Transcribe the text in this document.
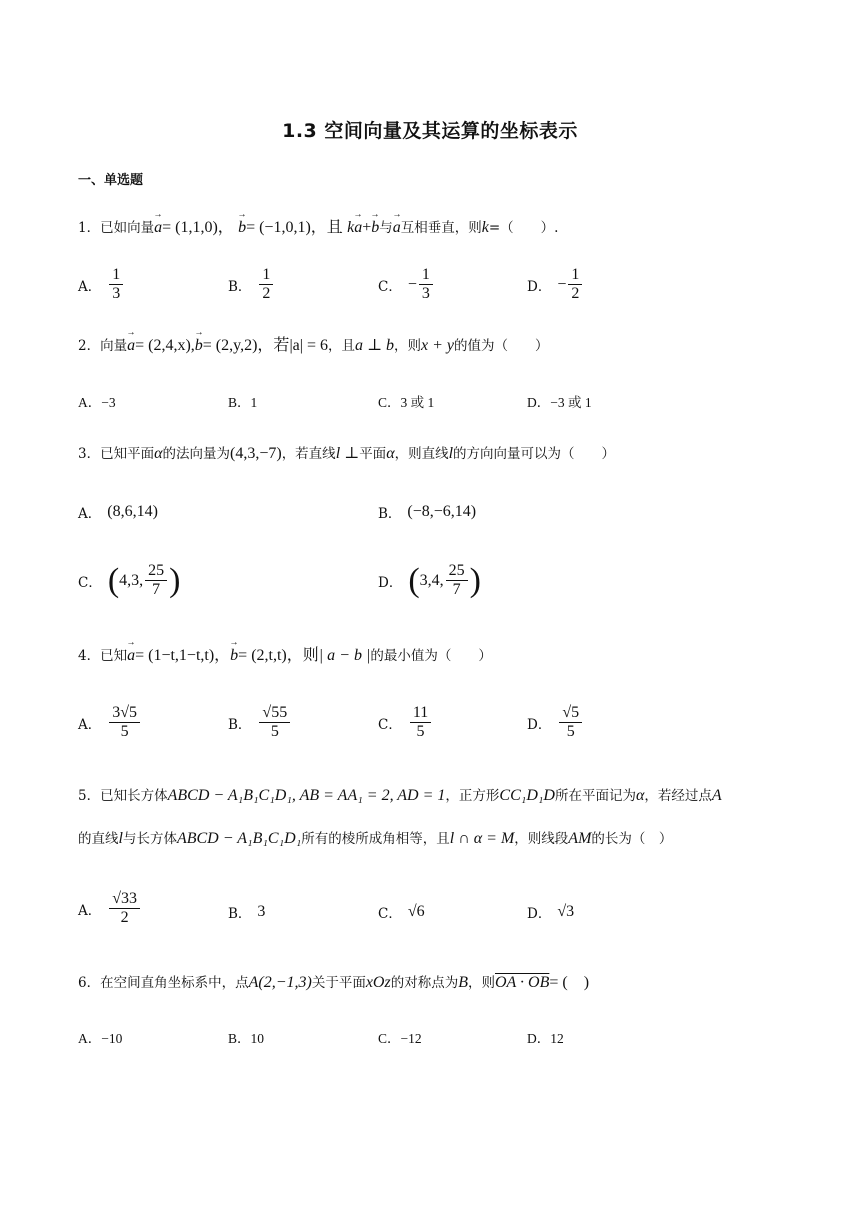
1.3 空间向量及其运算的坐标表示
一、单选题
1．已如向量→ a= (1,1,0)， → b= (−1,0,1)，且 k→ a+→ b与→ a互相垂直，则k=（　　）.
A． $\frac{1}{3}$	B． $\frac{1}{2}$	C． − $\frac{1}{3}$	D． − $\frac{1}{2}$
2．向量→ a= (2,4,x),→ b= (2,y,2)，若|a| = 6，且a ⊥ b，则x + y的值为（　　）
A．−3	B．1	C．3 或 1	D．−3 或 1
3．已知平面α的法向量为(4,3,−7)，若直线l ⊥平面α，则直线l的方向向量可以为（　　）
A． (8,6,14)	B． (−8,−6,14)
C． ( 4,3, $\frac{25}{7}$ )	D． ( 3,4, $\frac{25}{7}$ )
4．已知→ a= (1−t,1−t,t)，→ b= (2,t,t)，则| a − b |的最小值为（　　）
A． $\frac{3√5}{5}$	B． $\frac{√55}{5}$	C． $\frac{11}{5}$	D． $\frac{√5}{5}$
5．已知长方体ABCD − A₁B₁C₁D₁, AB = AA₁ = 2, AD = 1，正方形CC₁D₁D所在平面记为α，若经过点A
的直线l与长方体ABCD − A₁B₁C₁D₁所有的棱所成角相等，且l ∩ α = M，则线段AM的长为（　）
A． $\frac{√33}{2}$	B． 3	C． √6	D． √3
6．在空间直角坐标系中，点A(2,−1,3)关于平面xOz的对称点为B，则OA · OB= (　)
A．−10	B．10	C．−12	D．12
